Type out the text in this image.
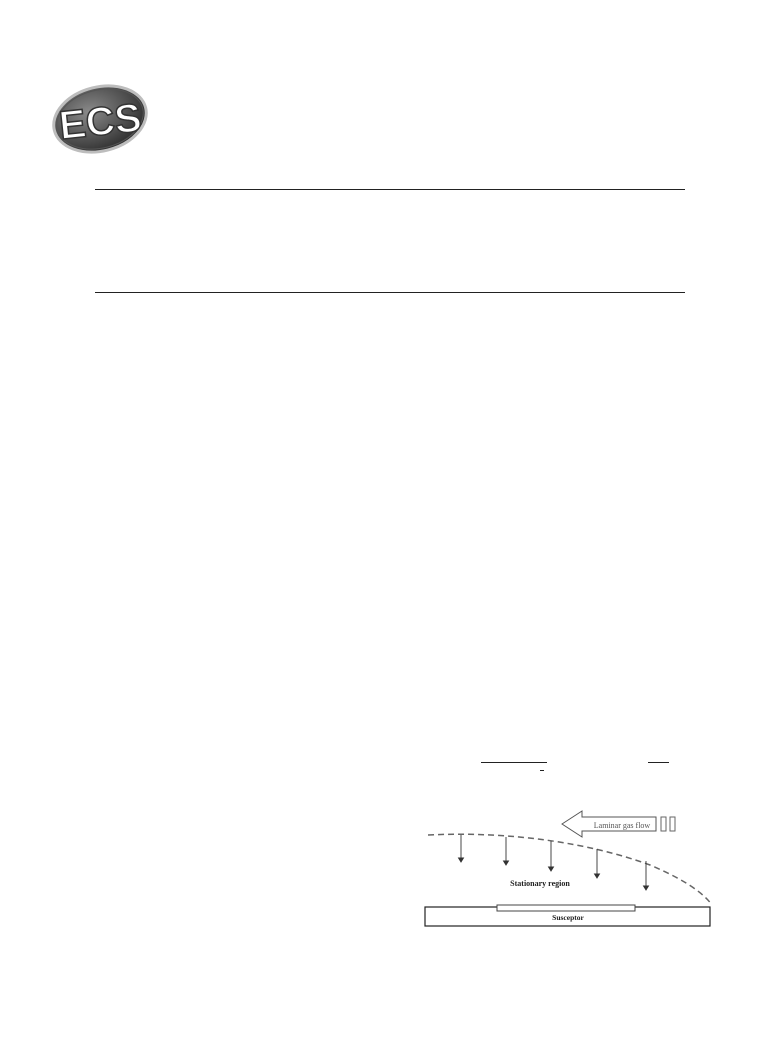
ECS
Laminar gas flow
Stationary region
Susceptor
